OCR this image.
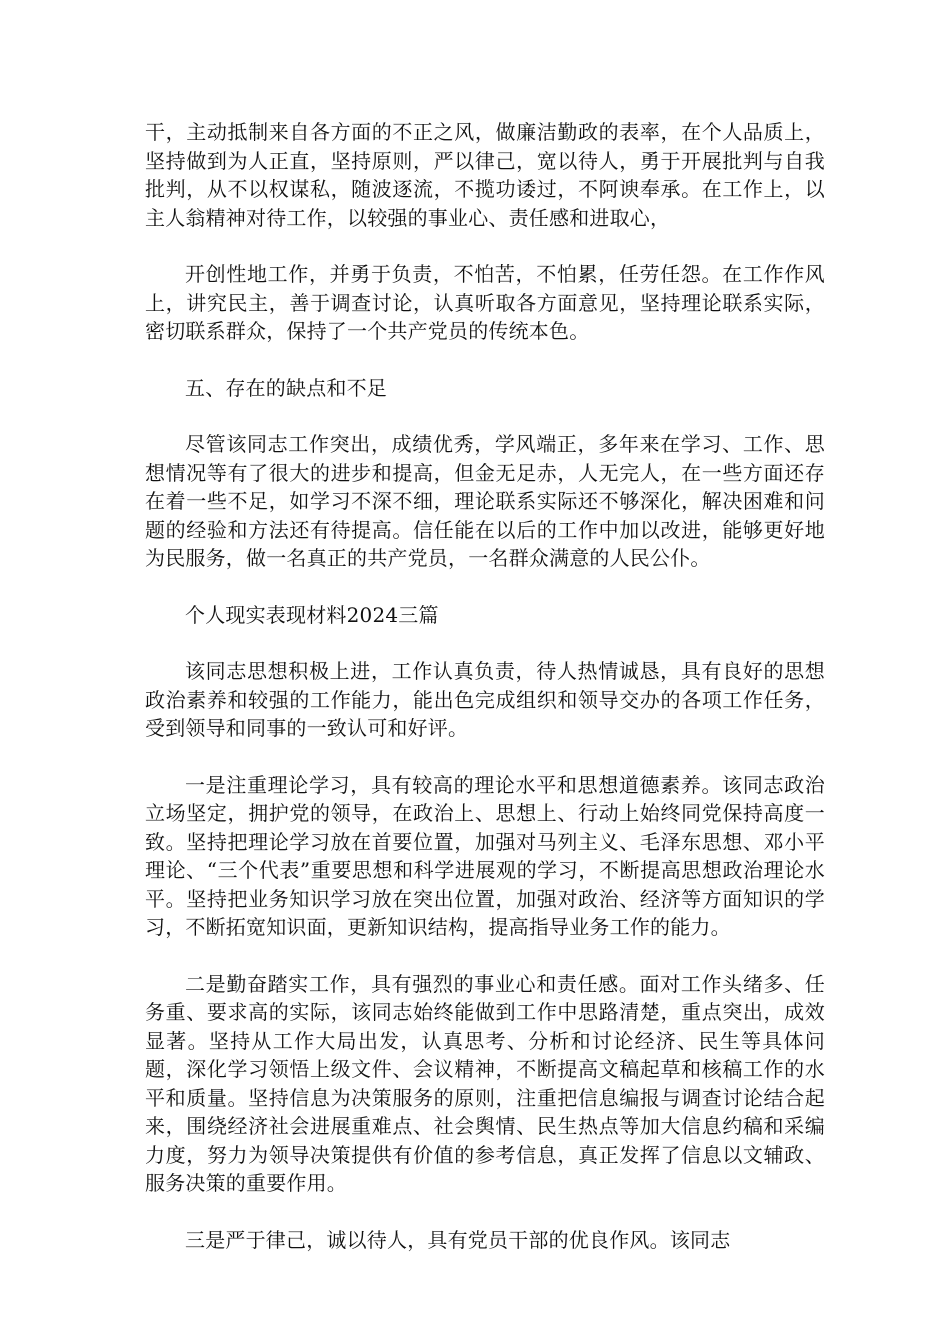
干，主动抵制来自各方面的不正之风，做廉洁勤政的表率，在个人品质上，坚持做到为人正直，坚持原则，严以律己，宽以待人，勇于开展批判与自我批判，从不以权谋私，随波逐流，不揽功诿过，不阿谀奉承。在工作上，以主人翁精神对待工作，以较强的事业心、责任感和进取心，

开创性地工作，并勇于负责，不怕苦，不怕累，任劳任怨。在工作作风上，讲究民主，善于调查讨论，认真听取各方面意见，坚持理论联系实际，密切联系群众，保持了一个共产党员的传统本色。

五、存在的缺点和不足

尽管该同志工作突出，成绩优秀，学风端正，多年来在学习、工作、思想情况等有了很大的进步和提高，但金无足赤，人无完人，在一些方面还存在着一些不足，如学习不深不细，理论联系实际还不够深化，解决困难和问题的经验和方法还有待提高。信任能在以后的工作中加以改进，能够更好地为民服务，做一名真正的共产党员，一名群众满意的人民公仆。

个人现实表现材料2024三篇

该同志思想积极上进，工作认真负责，待人热情诚恳，具有良好的思想政治素养和较强的工作能力，能出色完成组织和领导交办的各项工作任务，受到领导和同事的一致认可和好评。

一是注重理论学习，具有较高的理论水平和思想道德素养。该同志政治立场坚定，拥护党的领导，在政治上、思想上、行动上始终同党保持高度一致。坚持把理论学习放在首要位置，加强对马列主义、毛泽东思想、邓小平理论、“三个代表”重要思想和科学进展观的学习，不断提高思想政治理论水平。坚持把业务知识学习放在突出位置，加强对政治、经济等方面知识的学习，不断拓宽知识面，更新知识结构，提高指导业务工作的能力。

二是勤奋踏实工作，具有强烈的事业心和责任感。面对工作头绪多、任务重、要求高的实际，该同志始终能做到工作中思路清楚，重点突出，成效显著。坚持从工作大局出发，认真思考、分析和讨论经济、民生等具体问题，深化学习领悟上级文件、会议精神，不断提高文稿起草和核稿工作的水平和质量。坚持信息为决策服务的原则，注重把信息编报与调查讨论结合起来，围绕经济社会进展重难点、社会舆情、民生热点等加大信息约稿和采编力度，努力为领导决策提供有价值的参考信息，真正发挥了信息以文辅政、服务决策的重要作用。

三是严于律己，诚以待人，具有党员干部的优良作风。该同志
